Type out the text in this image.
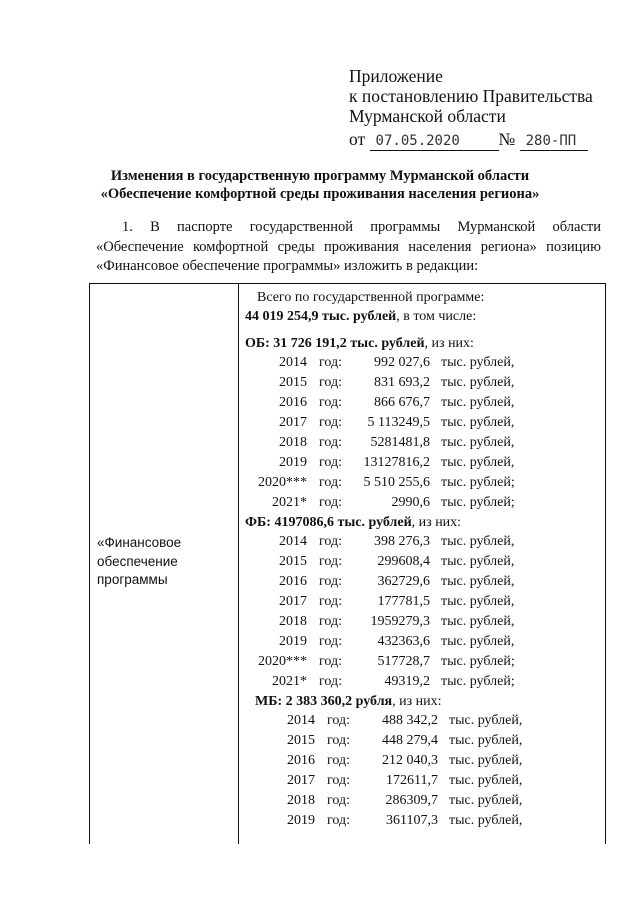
Приложение
к постановлению Правительства
Мурманской области
от 07.05.2020 № 280-ПП
Изменения в государственную программу Мурманской области
«Обеспечение комфортной среды проживания населения региона»
1. В паспорте государственной программы Мурманской области «Обеспечение комфортной среды проживания населения региона» позицию «Финансовое обеспечение программы» изложить в редакции:
«Финансовое обеспечение программы
Всего по государственной программе:
44 019 254,9 тыс. рублей, в том числе:
ОБ: 31 726 191,2 тыс. рублей, из них:
2014 год:	992 027,6 тыс. рублей,
2015 год:	831 693,2 тыс. рублей,
2016 год:	866 676,7 тыс. рублей,
2017 год:	5 113249,5 тыс. рублей,
2018 год:	5281481,8 тыс. рублей,
2019 год:	13127816,2 тыс. рублей,
2020*** год:	5 510 255,6 тыс. рублей;
2021* год:	2990,6 тыс. рублей;
ФБ: 4197086,6 тыс. рублей, из них:
2014 год:	398 276,3 тыс. рублей,
2015 год:	299608,4 тыс. рублей,
2016 год:	362729,6 тыс. рублей,
2017 год:	177781,5 тыс. рублей,
2018 год:	1959279,3 тыс. рублей,
2019 год:	432363,6 тыс. рублей,
2020*** год:	517728,7 тыс. рублей;
2021* год:	49319,2 тыс. рублей;
МБ: 2 383 360,2 рубля, из них:
2014 год:	488 342,2 тыс. рублей,
2015 год:	448 279,4 тыс. рублей,
2016 год:	212 040,3 тыс. рублей,
2017 год:	172611,7 тыс. рублей,
2018 год:	286309,7 тыс. рублей,
2019 год:	361107,3 тыс. рублей,
